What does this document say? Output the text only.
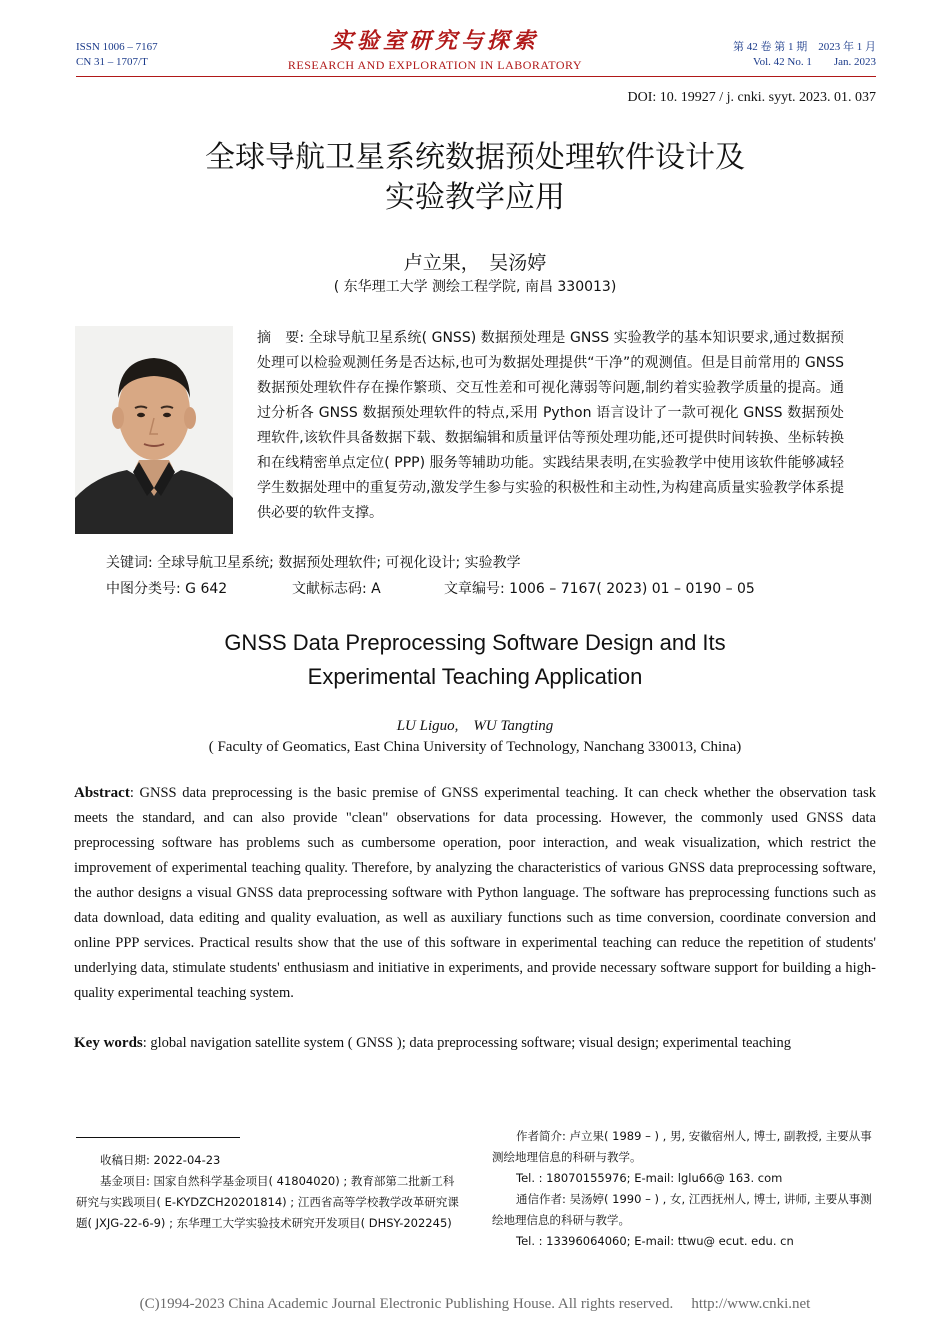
ISSN 1006 – 7167
CN 31 – 1707/T
实验室研究与探索
RESEARCH AND EXPLORATION IN LABORATORY
第 42 卷 第 1 期　2023 年 1 月
Vol. 42 No. 1　　Jan. 2023
DOI: 10. 19927 / j. cnki. syyt. 2023. 01. 037
全球导航卫星系统数据预处理软件设计及
实验教学应用
卢立果，　吴汤婷
( 东华理工大学 测绘工程学院, 南昌 330013)
摘　要: 全球导航卫星系统( GNSS) 数据预处理是 GNSS 实验教学的基本知识要求,通过数据预处理可以检验观测任务是否达标,也可为数据处理提供“干净”的观测值。但是目前常用的 GNSS 数据预处理软件存在操作繁琐、交互性差和可视化薄弱等问题,制约着实验教学质量的提高。通过分析各 GNSS 数据预处理软件的特点,采用 Python 语言设计了一款可视化 GNSS 数据预处理软件,该软件具备数据下载、数据编辑和质量评估等预处理功能,还可提供时间转换、坐标转换和在线精密单点定位( PPP) 服务等辅助功能。实践结果表明,在实验教学中使用该软件能够减轻学生数据处理中的重复劳动,激发学生参与实验的积极性和主动性,为构建高质量实验教学体系提供必要的软件支撑。
关键词: 全球导航卫星系统; 数据预处理软件; 可视化设计; 实验教学
中图分类号: G 642	文献标志码: A	文章编号: 1006 – 7167( 2023) 01 – 0190 – 05
GNSS Data Preprocessing Software Design and Its
Experimental Teaching Application
LU Liguo,　WU Tangting
( Faculty of Geomatics, East China University of Technology, Nanchang 330013, China)
Abstract: GNSS data preprocessing is the basic premise of GNSS experimental teaching. It can check whether the observation task meets the standard, and can also provide "clean" observations for data processing. However, the commonly used GNSS data preprocessing software has problems such as cumbersome operation, poor interaction, and weak visualization, which restrict the improvement of experimental teaching quality. Therefore, by analyzing the characteristics of various GNSS data preprocessing software, the author designs a visual GNSS data preprocessing software with Python language. The software has preprocessing functions such as data download, data editing and quality evaluation, as well as auxiliary functions such as time conversion, coordinate conversion and online PPP services. Practical results show that the use of this software in experimental teaching can reduce the repetition of students' underlying data, stimulate students' enthusiasm and initiative in experiments, and provide necessary software support for building a high-quality experimental teaching system.
Key words: global navigation satellite system ( GNSS ); data preprocessing software; visual design; experimental teaching

收稿日期: 2022-04-23

基金项目: 国家自然科学基金项目( 41804020) ; 教育部第二批新工科研究与实践项目( E-KYDZCH20201814) ; 江西省高等学校教学改革研究课题( JXJG-22-6-9) ; 东华理工大学实验技术研究开发项目( DHSY-202245)

作者简介: 卢立果( 1989 – ) , 男, 安徽宿州人, 博士, 副教授, 主要从事测绘地理信息的科研与教学。

Tel. : 18070155976; E-mail: lglu66@ 163. com

通信作者: 吴汤婷( 1990 – ) , 女, 江西抚州人, 博士, 讲师, 主要从事测绘地理信息的科研与教学。

Tel. : 13396064060; E-mail: ttwu@ ecut. edu. cn

(C)1994-2023 China Academic Journal Electronic Publishing House. All rights reserved. http://www.cnki.net
